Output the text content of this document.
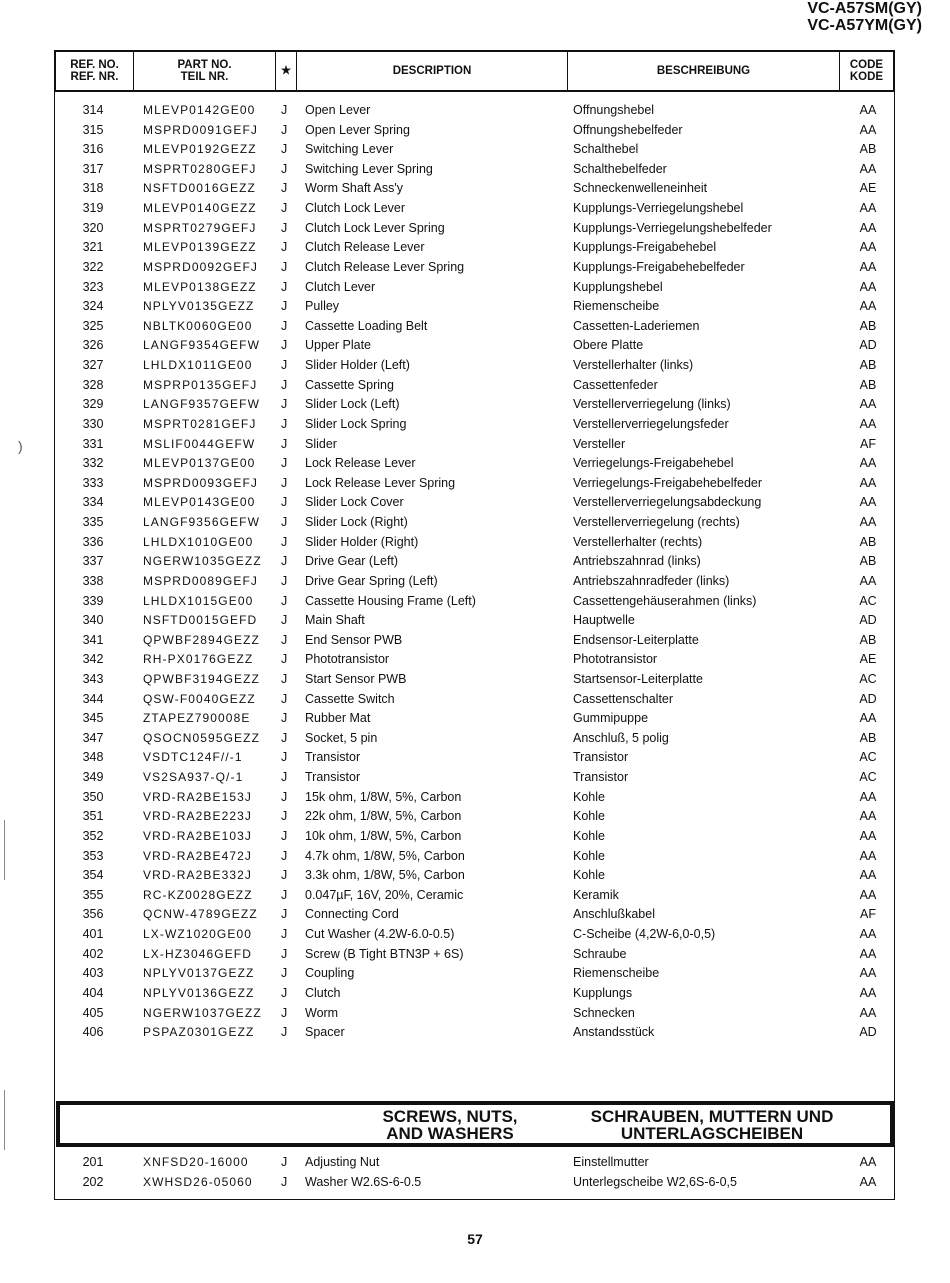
VC-A57SM(GY)
VC-A57YM(GY)
REF. NO.
REF. NR.
PART NO.
TEIL NR.	★	DESCRIPTION	BESCHREIBUNG	CODE
KODE
314	MLEVP0142GE00 J Open Lever	Offnungshebel	AA
315	MSPRD0091GEFJ J Open Lever Spring	Offnungshebelfeder	AA
316	MLEVP0192GEZZ J Switching Lever	Schalthebel	AB
317	MSPRT0280GEFJ J Switching Lever Spring	Schalthebelfeder	AA
318	NSFTD0016GEZZ J Worm Shaft Ass'y	Schneckenwelleneinheit	AE
319	MLEVP0140GEZZ J Clutch Lock Lever	Kupplungs-Verriegelungshebel	AA
320	MSPRT0279GEFJ J Clutch Lock Lever Spring	Kupplungs-Verriegelungshebelfeder	AA
321	MLEVP0139GEZZ J Clutch Release Lever	Kupplungs-Freigabehebel	AA
322	MSPRD0092GEFJ J Clutch Release Lever Spring	Kupplungs-Freigabehebelfeder	AA
323	MLEVP0138GEZZ J Clutch Lever	Kupplungshebel	AA
324	NPLYV0135GEZZ J Pulley	Riemenscheibe	AA
325	NBLTK0060GE00 J Cassette Loading Belt	Cassetten-Laderiemen	AB
326	LANGF9354GEFW J Upper Plate	Obere Platte	AD
327	LHLDX1011GE00 J Slider Holder (Left)	Verstellerhalter (links)	AB
328	MSPRP0135GEFJ J Cassette Spring	Cassettenfeder	AB
329	LANGF9357GEFW J Slider Lock (Left)	Verstellerverriegelung (links)	AA
330	MSPRT0281GEFJ J Slider Lock Spring	Verstellerverriegelungsfeder	AA
331	MSLIF0044GEFW J Slider	Versteller	AF
332	MLEVP0137GE00 J Lock Release Lever	Verriegelungs-Freigabehebel	AA
333	MSPRD0093GEFJ J Lock Release Lever Spring	Verriegelungs-Freigabehebelfeder	AA
334	MLEVP0143GE00 J Slider Lock Cover	Verstellerverriegelungsabdeckung	AA
335	LANGF9356GEFW J Slider Lock (Right)	Verstellerverriegelung (rechts)	AA
336	LHLDX1010GE00 J Slider Holder (Right)	Verstellerhalter (rechts)	AB
337	NGERW1035GEZZ J Drive Gear (Left)	Antriebszahnrad (links)	AB
338	MSPRD0089GEFJ J Drive Gear Spring (Left)	Antriebszahnradfeder (links)	AA
339	LHLDX1015GE00 J Cassette Housing Frame (Left)	Cassettengehäuserahmen (links)	AC
340	NSFTD0015GEFD J Main Shaft	Hauptwelle	AD
341	QPWBF2894GEZZ J End Sensor PWB	Endsensor-Leiterplatte	AB
342	RH-PX0176GEZZ J Phototransistor	Phototransistor	AE
343	QPWBF3194GEZZ J Start Sensor PWB	Startsensor-Leiterplatte	AC
344	QSW-F0040GEZZ J Cassette Switch	Cassettenschalter	AD
345	ZTAPEZ790008E J Rubber Mat	Gummipuppe	AA
347	QSOCN0595GEZZ J Socket, 5 pin	Anschluß, 5 polig	AB
348	VSDTC124F//-1	J Transistor	Transistor	AC
349	VS2SA937-Q/-1	J Transistor	Transistor	AC
350	VRD-RA2BE153J J 15k ohm, 1/8W, 5%, Carbon	Kohle	AA
351	VRD-RA2BE223J J 22k ohm, 1/8W, 5%, Carbon	Kohle	AA
352	VRD-RA2BE103J J 10k ohm, 1/8W, 5%, Carbon	Kohle	AA
353	VRD-RA2BE472J J 4.7k ohm, 1/8W, 5%, Carbon	Kohle	AA
354	VRD-RA2BE332J J 3.3k ohm, 1/8W, 5%, Carbon	Kohle	AA
355	RC-KZ0028GEZZ J 0.047µF, 16V, 20%, Ceramic	Keramik	AA
356	QCNW-4789GEZZ J Connecting Cord	Anschlußkabel	AF
401	LX-WZ1020GE00 J Cut Washer (4.2W-6.0-0.5)	C-Scheibe (4,2W-6,0-0,5)	AA
402	LX-HZ3046GEFD J Screw (B Tight BTN3P + 6S)	Schraube	AA
403	NPLYV0137GEZZ J Coupling	Riemenscheibe	AA
404	NPLYV0136GEZZ J Clutch	Kupplungs	AA
405	NGERW1037GEZZ J Worm	Schnecken	AA
406	PSPAZ0301GEZZ J Spacer	Anstandsstück	AD
SCREWS, NUTS,
AND WASHERS
SCHRAUBEN, MUTTERN UND
UNTERLAGSCHEIBEN
201	XNFSD20-16000	J Adjusting Nut	Einstellmutter	AA
202	XWHSD26-05060 J Washer W2.6S-6-0.5	Unterlegscheibe W2,6S-6-0,5	AA
57
)
